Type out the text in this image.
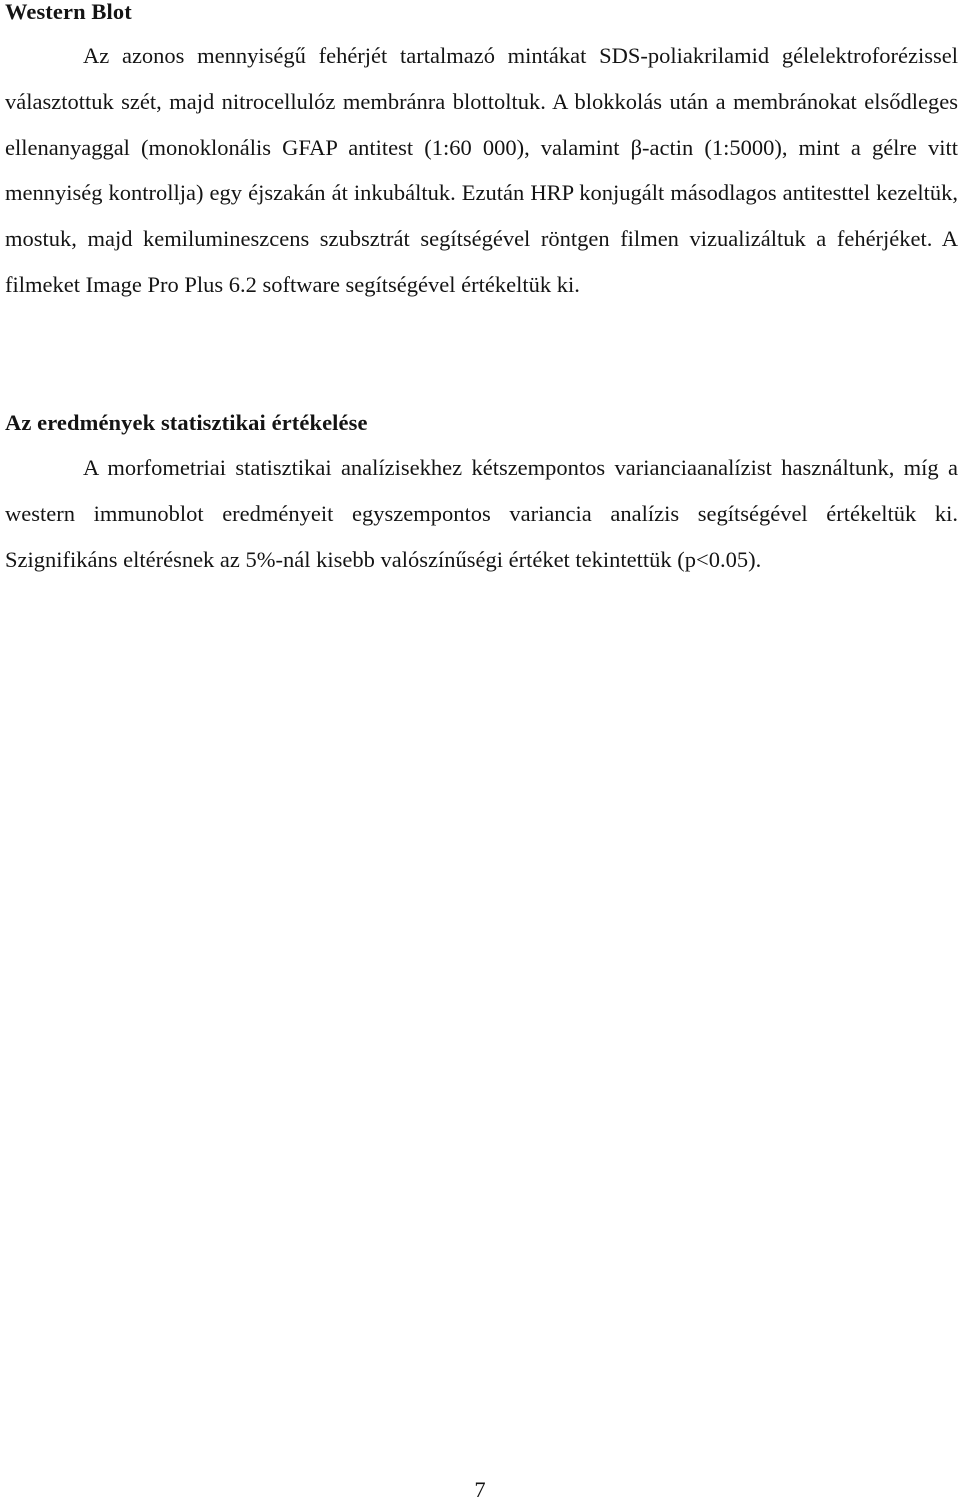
Western Blot

Az azonos mennyiségű fehérjét tartalmazó mintákat SDS-poliakrilamid gélelektroforézissel választottuk szét, majd nitrocellulóz membránra blottoltuk. A blokkolás után a membránokat elsődleges ellenanyaggal (monoklonális GFAP antitest (1:60 000), valamint β-actin (1:5000), mint a gélre vitt mennyiség kontrollja) egy éjszakán át inkubáltuk. Ezután HRP konjugált másodlagos antitesttel kezeltük, mostuk, majd kemilumineszcens szubsztrát segítségével röntgen filmen vizualizáltuk a fehérjéket. A filmeket Image Pro Plus 6.2 software segítségével értékeltük ki.

Az eredmények statisztikai értékelése

A morfometriai statisztikai analízisekhez kétszempontos varianciaanalízist használtunk, míg a western immunoblot eredményeit egyszempontos variancia analízis segítségével értékeltük ki. Szignifikáns eltérésnek az 5%-nál kisebb valószínűségi értéket tekintettük (p<0.05).

7
